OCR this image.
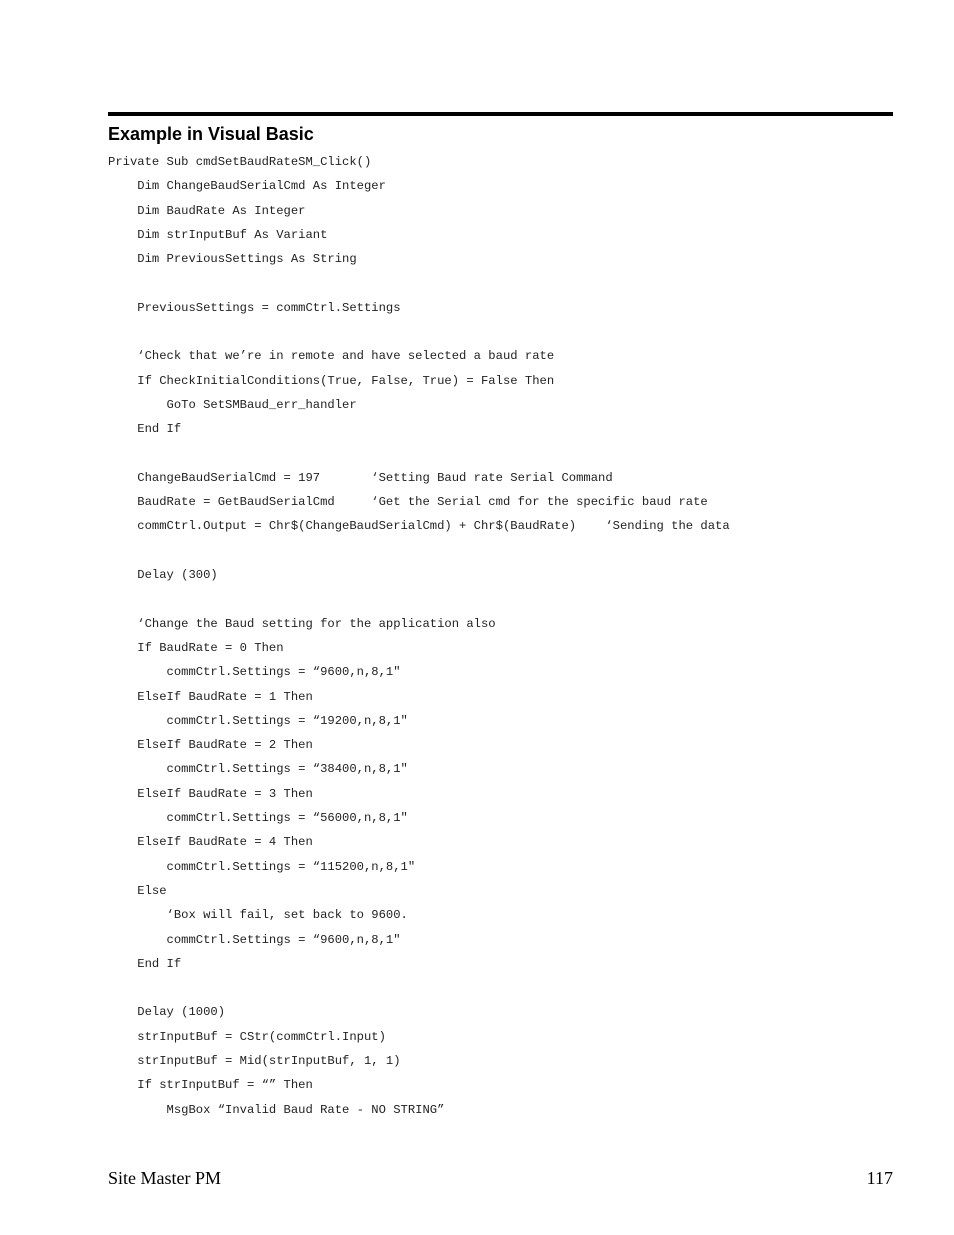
Example in Visual Basic
Private Sub cmdSetBaudRateSM_Click()
Dim ChangeBaudSerialCmd As Integer
Dim BaudRate As Integer
Dim strInputBuf As Variant
Dim PreviousSettings As String
PreviousSettings = commCtrl.Settings
‘Check that we’re in remote and have selected a baud rate
If CheckInitialConditions(True, False, True) = False Then
GoTo SetSMBaud_err_handler
End If
ChangeBaudSerialCmd = 197       ‘Setting Baud rate Serial Command
BaudRate = GetBaudSerialCmd     ‘Get the Serial cmd for the specific baud rate
commCtrl.Output = Chr$(ChangeBaudSerialCmd) + Chr$(BaudRate)    ‘Sending the data
Delay (300)
‘Change the Baud setting for the application also
If BaudRate = 0 Then
commCtrl.Settings = “9600,n,8,1"
ElseIf BaudRate = 1 Then
commCtrl.Settings = “19200,n,8,1"
ElseIf BaudRate = 2 Then
commCtrl.Settings = “38400,n,8,1"
ElseIf BaudRate = 3 Then
commCtrl.Settings = “56000,n,8,1"
ElseIf BaudRate = 4 Then
commCtrl.Settings = “115200,n,8,1"
Else
‘Box will fail, set back to 9600.
commCtrl.Settings = “9600,n,8,1"
End If
Delay (1000)
strInputBuf = CStr(commCtrl.Input)
strInputBuf = Mid(strInputBuf, 1, 1)
If strInputBuf = “” Then
MsgBox “Invalid Baud Rate - NO STRING”
Site Master PM	117
